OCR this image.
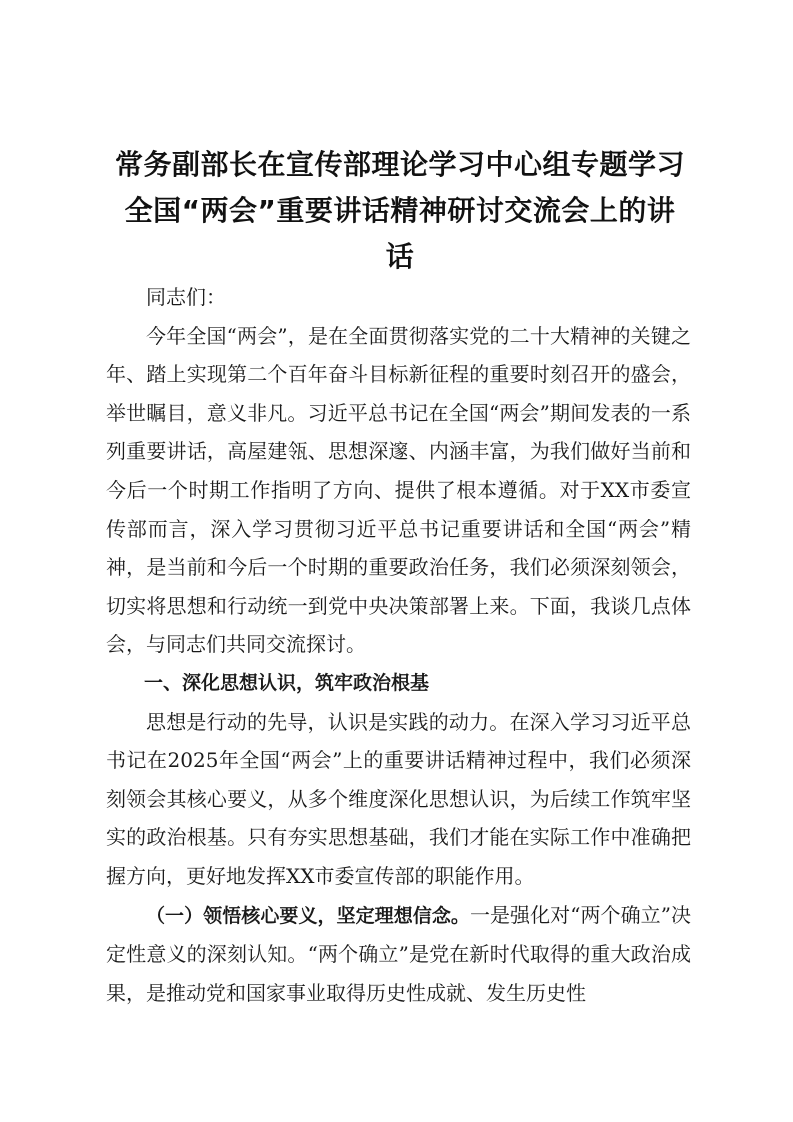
常务副部长在宣传部理论学习中心组专题学习
全国“两会”重要讲话精神研讨交流会上的讲
话

同志们：

今年全国“两会”，是在全面贯彻落实党的二十大精神的关键之年、踏上实现第二个百年奋斗目标新征程的重要时刻召开的盛会，举世瞩目，意义非凡。习近平总书记在全国“两会”期间发表的一系列重要讲话，高屋建瓴、思想深邃、内涵丰富，为我们做好当前和今后一个时期工作指明了方向、提供了根本遵循。对于XX市委宣传部而言，深入学习贯彻习近平总书记重要讲话和全国“两会”精神，是当前和今后一个时期的重要政治任务，我们必须深刻领会，切实将思想和行动统一到党中央决策部署上来。下面，我谈几点体会，与同志们共同交流探讨。

一、深化思想认识，筑牢政治根基

思想是行动的先导，认识是实践的动力。在深入学习习近平总书记在2025年全国“两会”上的重要讲话精神过程中，我们必须深刻领会其核心要义，从多个维度深化思想认识，为后续工作筑牢坚实的政治根基。只有夯实思想基础，我们才能在实际工作中准确把握方向，更好地发挥XX市委宣传部的职能作用。

（一）领悟核心要义，坚定理想信念。一是强化对“两个确立”决定性意义的深刻认知。“两个确立”是党在新时代取得的重大政治成果，是推动党和国家事业取得历史性成就、发生历史性
